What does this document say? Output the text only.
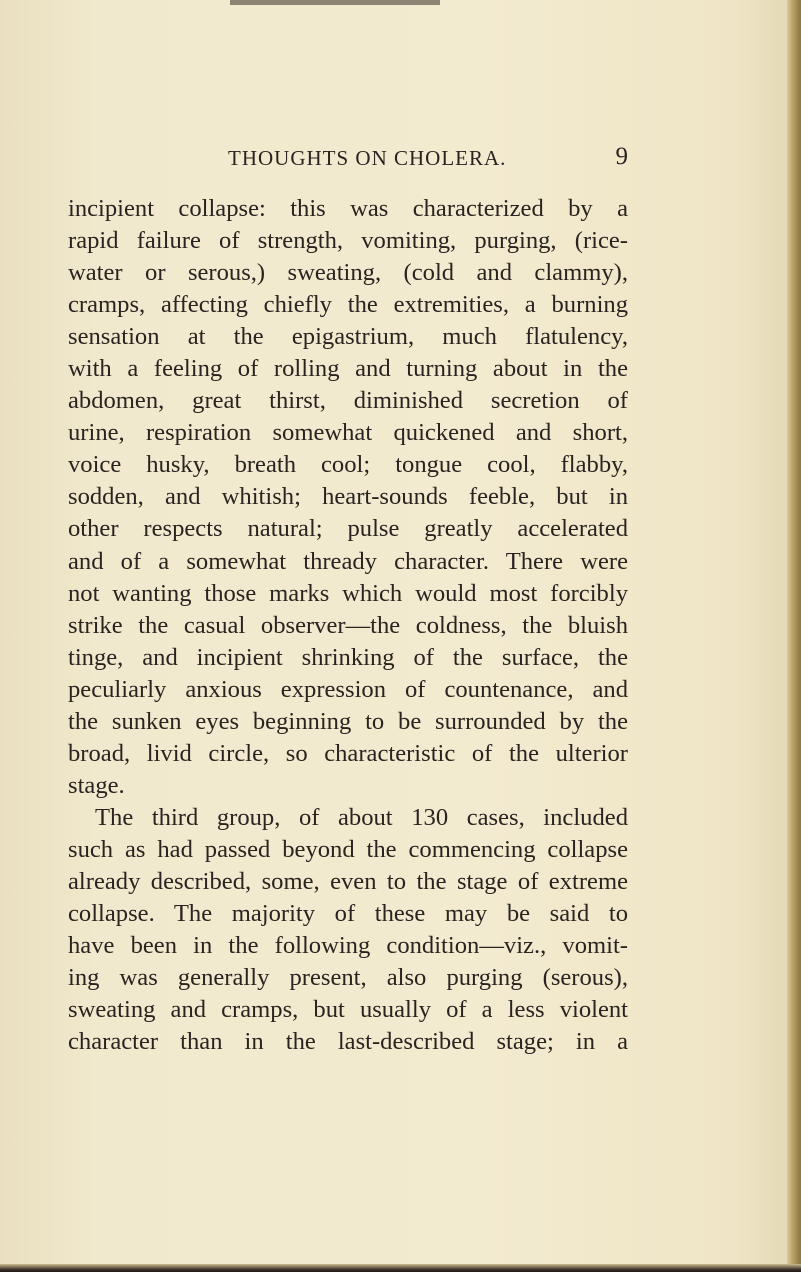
THOUGHTS ON CHOLERA.	9
incipient collapse: this was characterized by a
rapid failure of strength, vomiting, purging, (rice-
water or serous,) sweating, (cold and clammy),
cramps, affecting chiefly the extremities, a burning
sensation at the epigastrium, much flatulency,
with a feeling of rolling and turning about in the
abdomen, great thirst, diminished secretion of
urine, respiration somewhat quickened and short,
voice husky, breath cool; tongue cool, flabby,
sodden, and whitish; heart-sounds feeble, but in
other respects natural; pulse greatly accelerated
and of a somewhat thready character. There were
not wanting those marks which would most forcibly
strike the casual observer—the coldness, the bluish
tinge, and incipient shrinking of the surface, the
peculiarly anxious expression of countenance, and
the sunken eyes beginning to be surrounded by the
broad, livid circle, so characteristic of the ulterior
stage.
The third group, of about 130 cases, included
such as had passed beyond the commencing collapse
already described, some, even to the stage of extreme
collapse. The majority of these may be said to
have been in the following condition—viz., vomit-
ing was generally present, also purging (serous),
sweating and cramps, but usually of a less violent
character than in the last-described stage; in a
